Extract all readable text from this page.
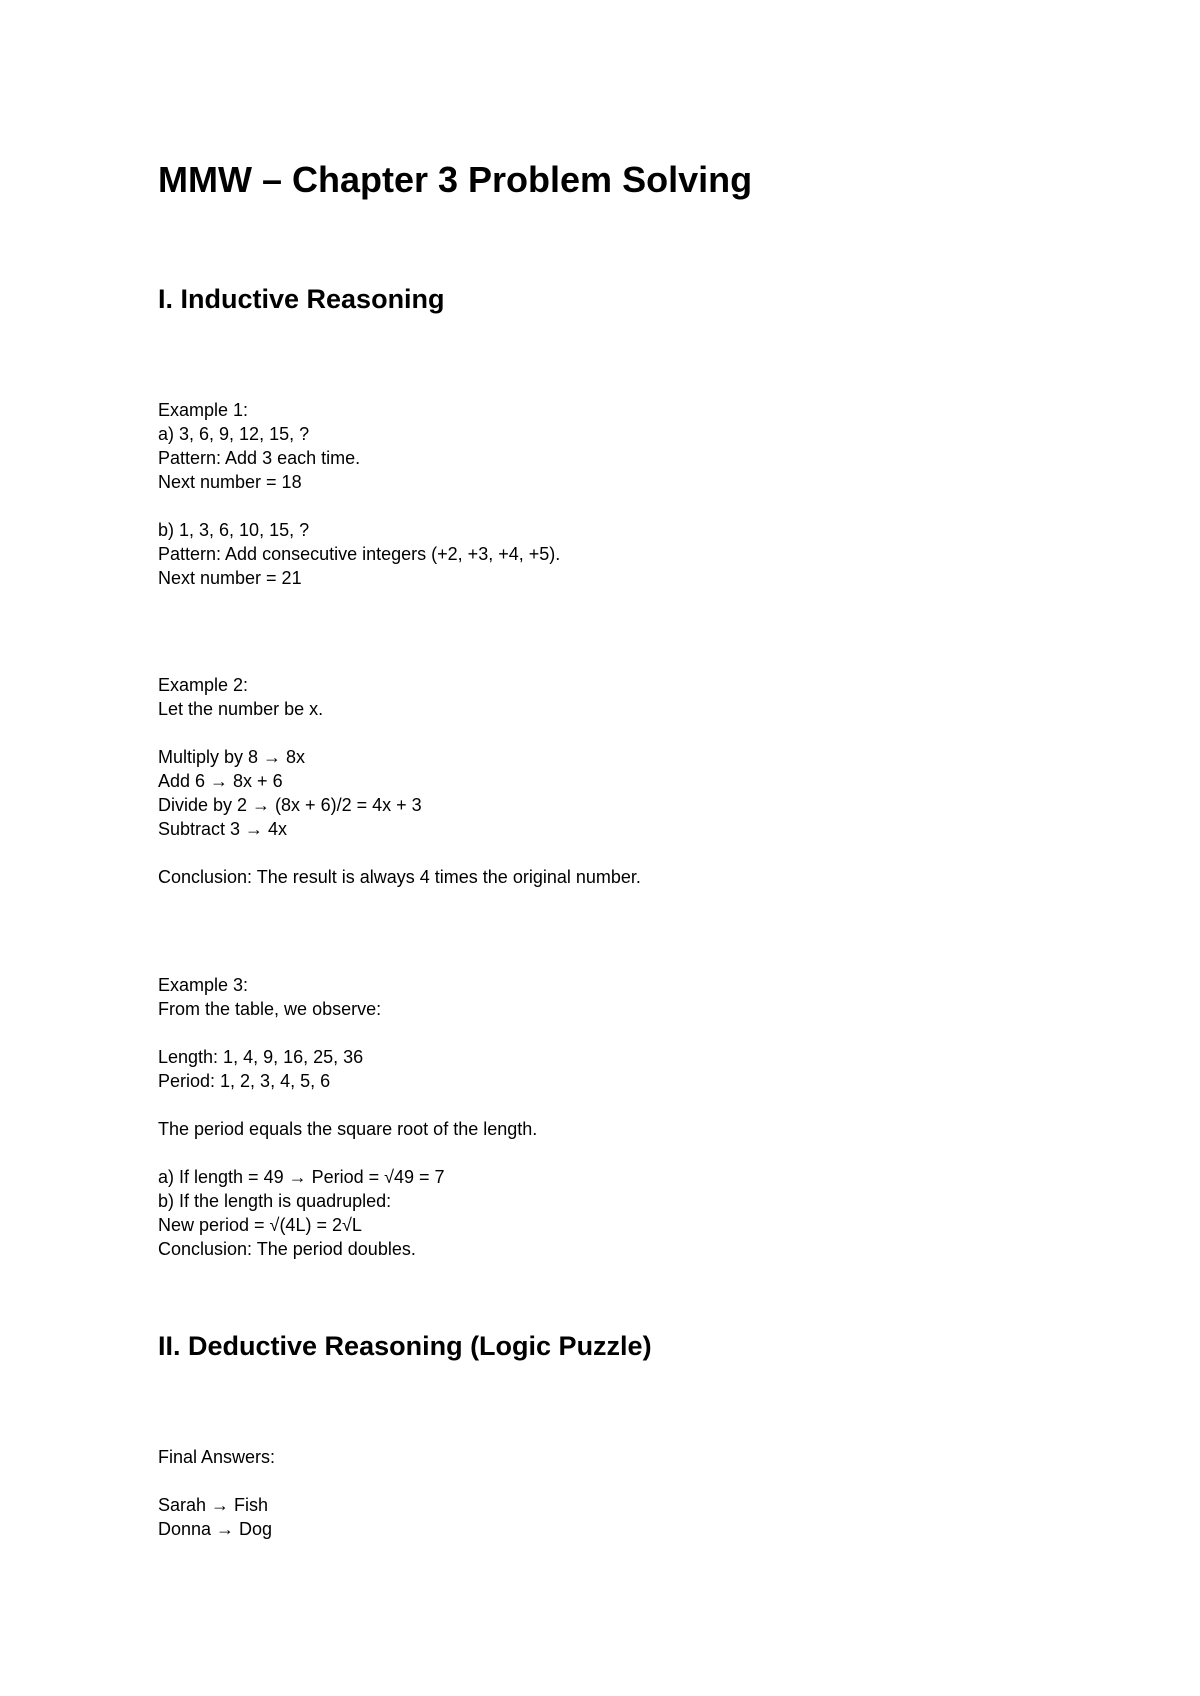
MMW – Chapter 3 Problem Solving
I. Inductive Reasoning
Example 1:
a) 3, 6, 9, 12, 15, ?
Pattern: Add 3 each time.
Next number = 18
b) 1, 3, 6, 10, 15, ?
Pattern: Add consecutive integers (+2, +3, +4, +5).
Next number = 21
Example 2:
Let the number be x.
Multiply by 8 → 8x
Add 6 → 8x + 6
Divide by 2 → (8x + 6)/2 = 4x + 3
Subtract 3 → 4x
Conclusion: The result is always 4 times the original number.
Example 3:
From the table, we observe:
Length: 1, 4, 9, 16, 25, 36
Period: 1, 2, 3, 4, 5, 6
The period equals the square root of the length.
a) If length = 49 → Period = √49 = 7
b) If the length is quadrupled:
New period = √(4L) = 2√L
Conclusion: The period doubles.
II. Deductive Reasoning (Logic Puzzle)
Final Answers:
Sarah → Fish
Donna → Dog
